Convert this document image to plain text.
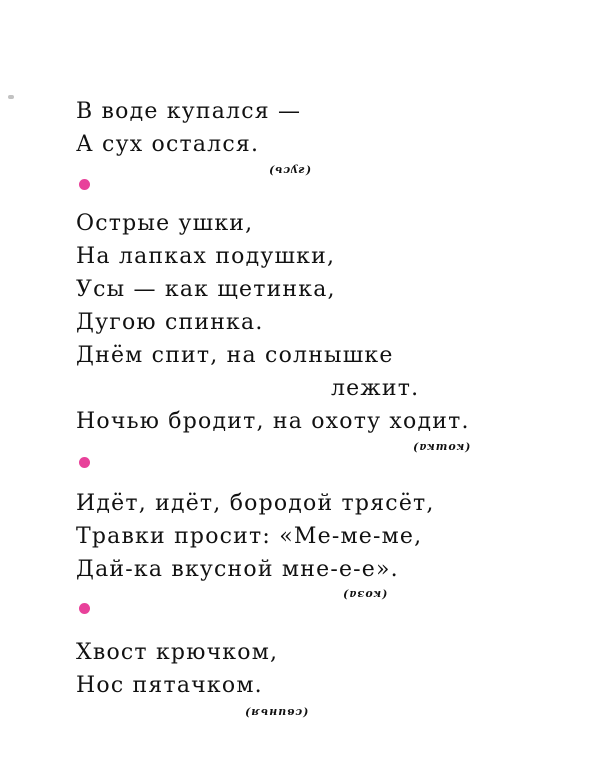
В воде купался —
А сух остался.
(гусь)
Острые ушки,
На лапках подушки,
Усы — как щетинка,
Дугою спинка.
Днём спит, на солнышке
лежит.
Ночью бродит, на охоту ходит.
(кошка)
Идёт, идёт, бородой трясёт,
Травки просит: «Ме-ме-ме,
Дай-ка вкусной мне-е-е».
(коза)
Хвост крючком,
Нос пятачком.
(свинья)
